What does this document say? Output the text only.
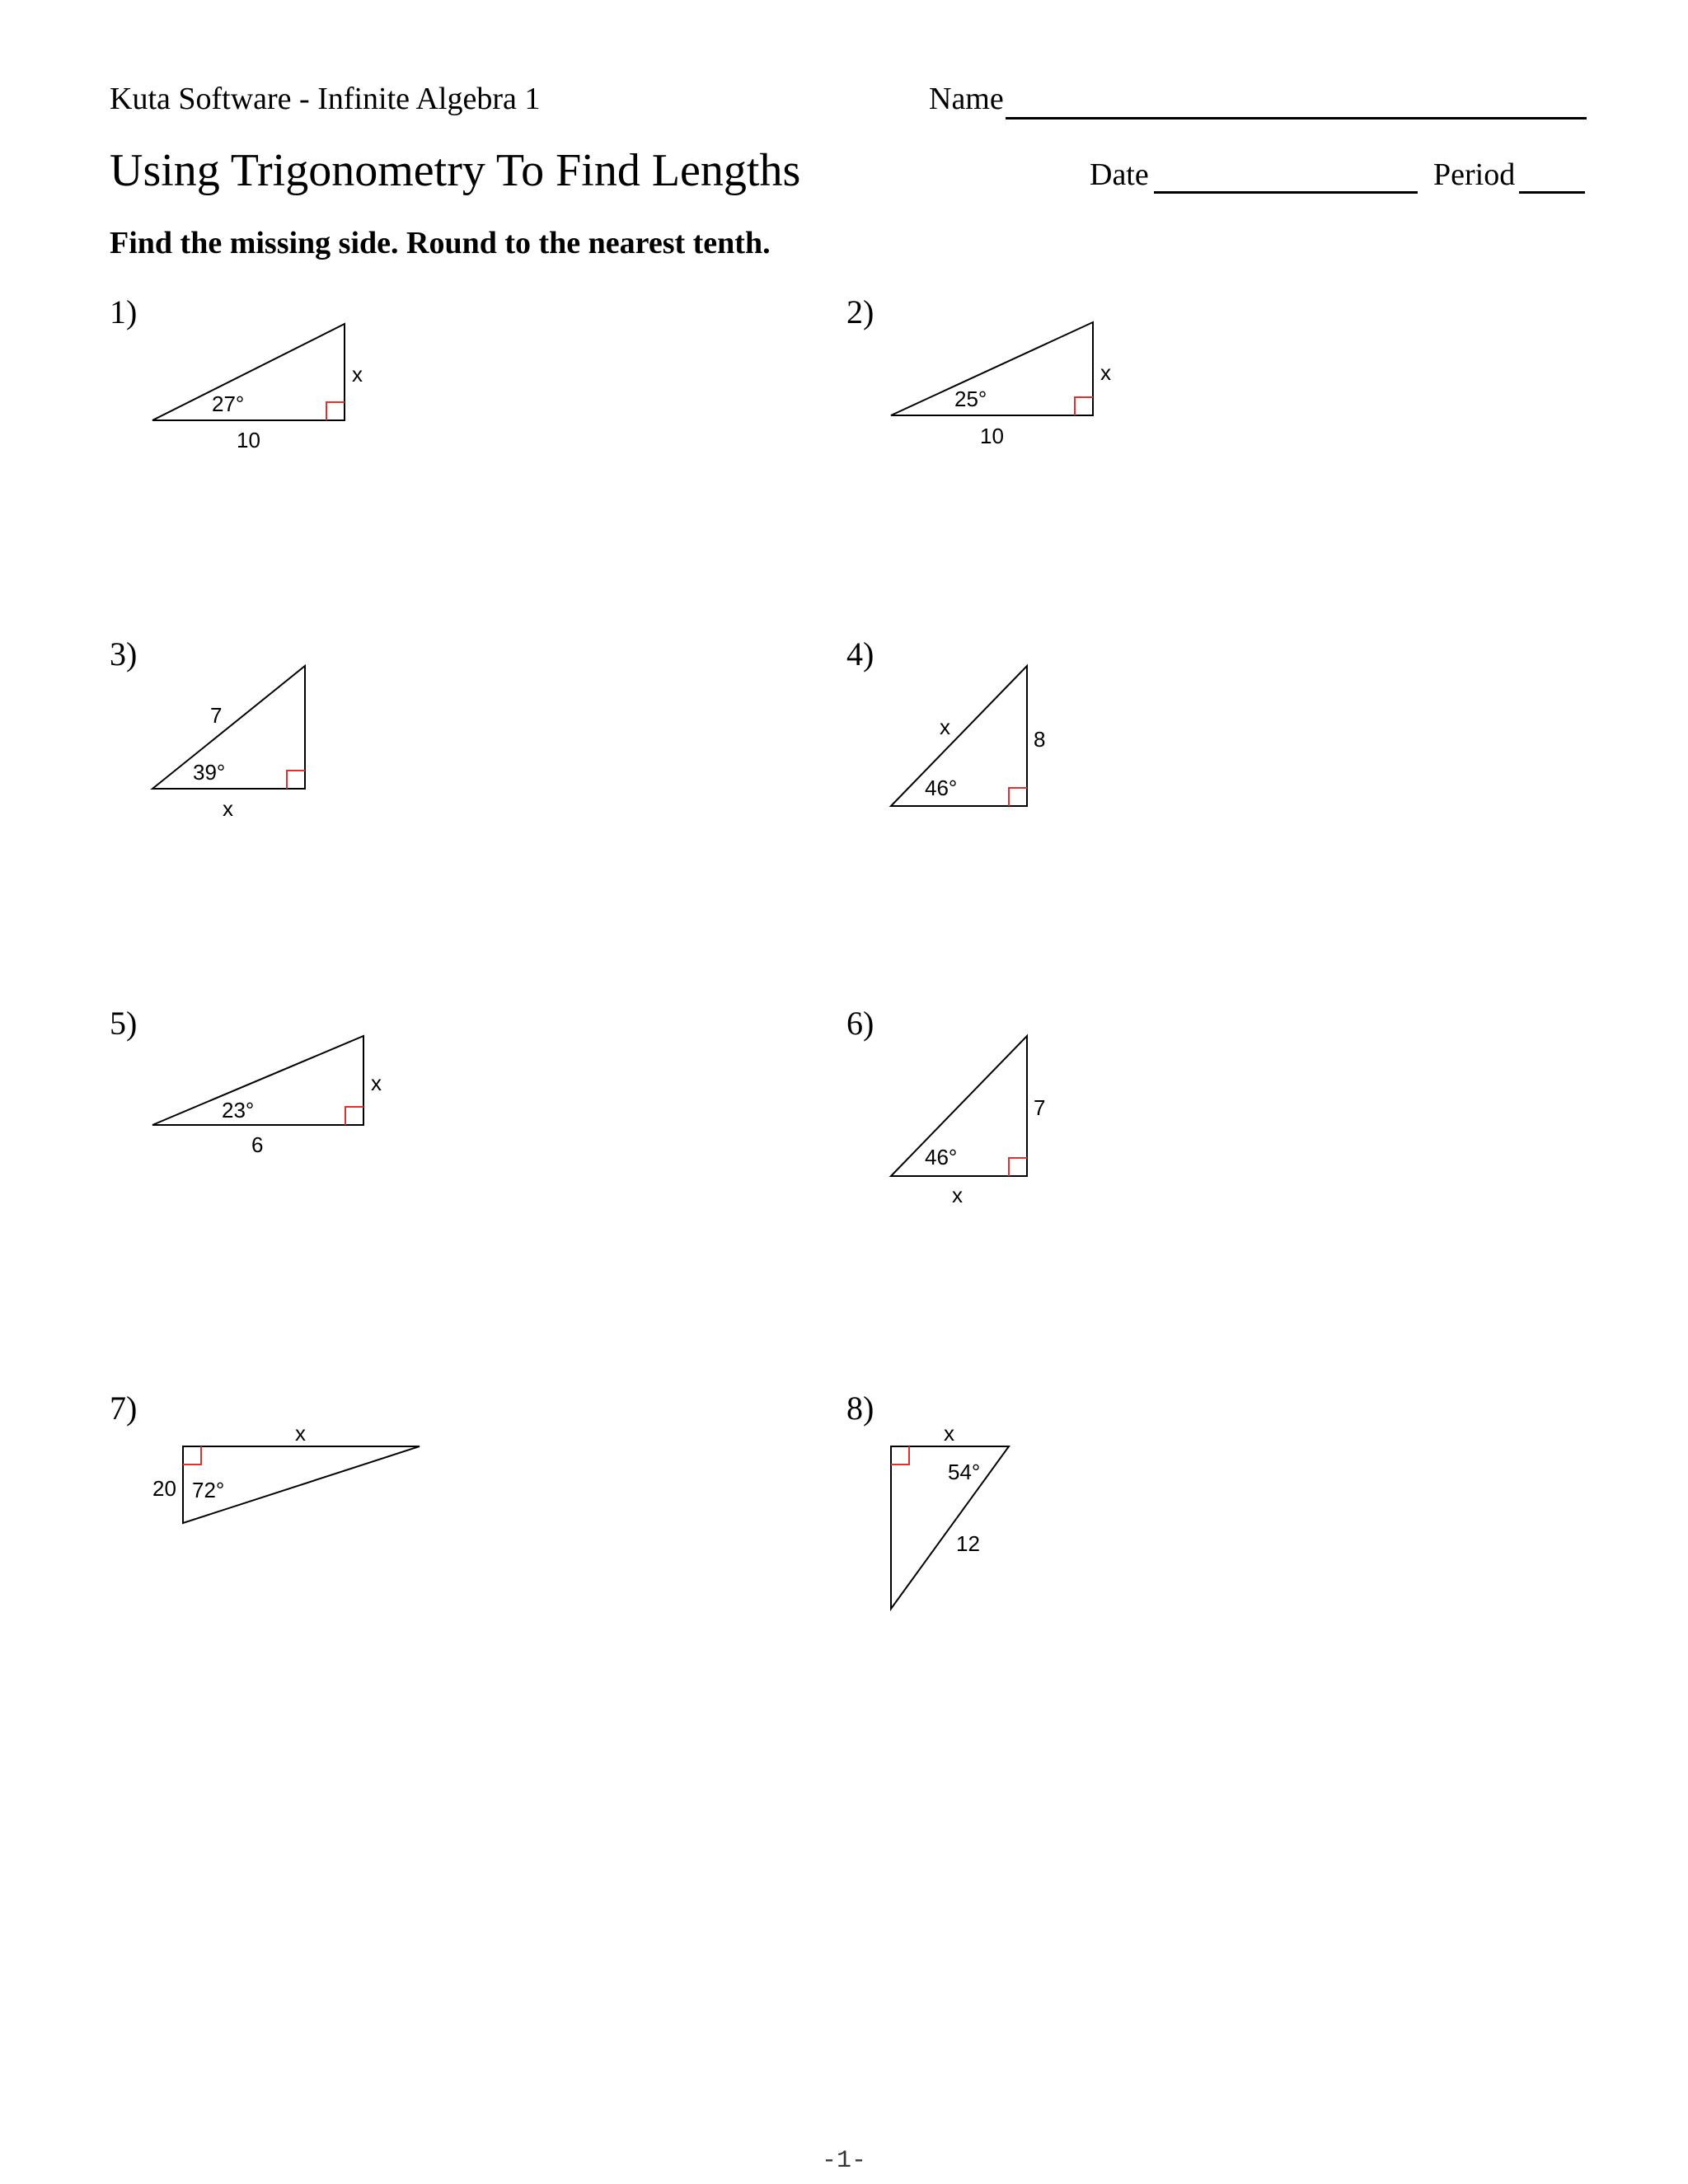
Kuta Software - Infinite Algebra 1
Using Trigonometry To Find Lengths
Find the missing side. Round to the nearest tenth.
Name
Date	Period
1)	2)
3)	4)
5)	6)
7)	8)
27°
10
x
25°
10
x
39°
7
x
46°
x	8
23°
6
x
46°
7
x
72°
20
x
54°
x
12
-1-
